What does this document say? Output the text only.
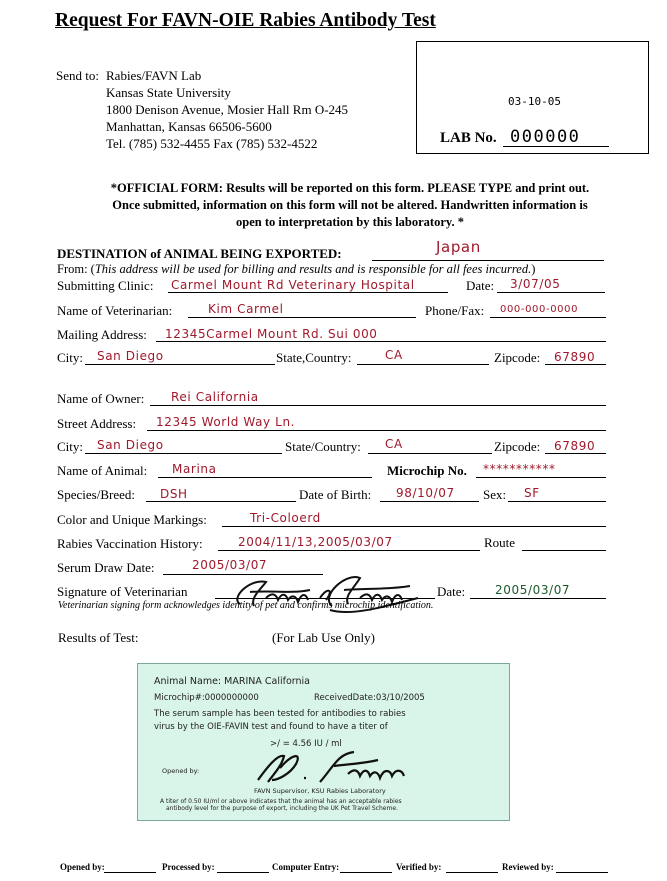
Request For FAVN-OIE Rabies Antibody Test
Send to: Rabies/FAVN Lab
Kansas State University
1800 Denison Avenue, Mosier Hall Rm O-245
Manhattan, Kansas 66506-5600
Tel. (785) 532-4455 Fax (785) 532-4522
03-10-05
LAB No. 000000
*OFFICIAL FORM: Results will be reported on this form. PLEASE TYPE and print out.
Once submitted, information on this form will not be altered. Handwritten information is
open to interpretation by this laboratory. *
DESTINATION of ANIMAL BEING EXPORTED:	Japan
From: (This address will be used for billing and results and is responsible for all fees incurred.)
Submitting Clinic: Carmel Mount Rd Veterinary Hospital	Date: 3/07/05
Name of Veterinarian:	Kim Carmel	Phone/Fax: 000-000-0000
Mailing Address: 12345Carmel Mount Rd. Sui 000
City: San Diego	State,Country:	CA	Zipcode: 67890
Name of Owner: Rei California
Street Address: 12345 World Way Ln.
City: San Diego	State/Country: CA	Zipcode: 67890
Name of Animal: Marina	Microchip No. ***********
Species/Breed: DSH	Date of Birth: 98/10/07 Sex: SF
Color and Unique Markings:	Tri-Coloerd
Rabies Vaccination History:	2004/11/13,2005/03/07	Route
Serum Draw Date:	2005/03/07
Signature of Veterinarian	Date: 2005/03/07
Veterinarian signing form acknowledges identity of pet and confirms microchip identification.
Results of Test:	(For Lab Use Only)
Animal Name: MARINA California
Microchip#:0000000000	ReceivedDate:03/10/2005
The serum sample has been tested for antibodies to rabies
virus by the OIE-FAVIN test and found to have a titer of
>/ = 4.56 IU / ml
Opened by:
FAVN Supervisor, KSU Rabies Laboratory
A titer of 0.50 IU/ml or above indicates that the animal has an acceptable rabies
antibody level for the purpose of export, including the UK Pet Travel Scheme.
Opened by:	Processed by:	Computer Entry:	Verified by:	Reviewed by:
